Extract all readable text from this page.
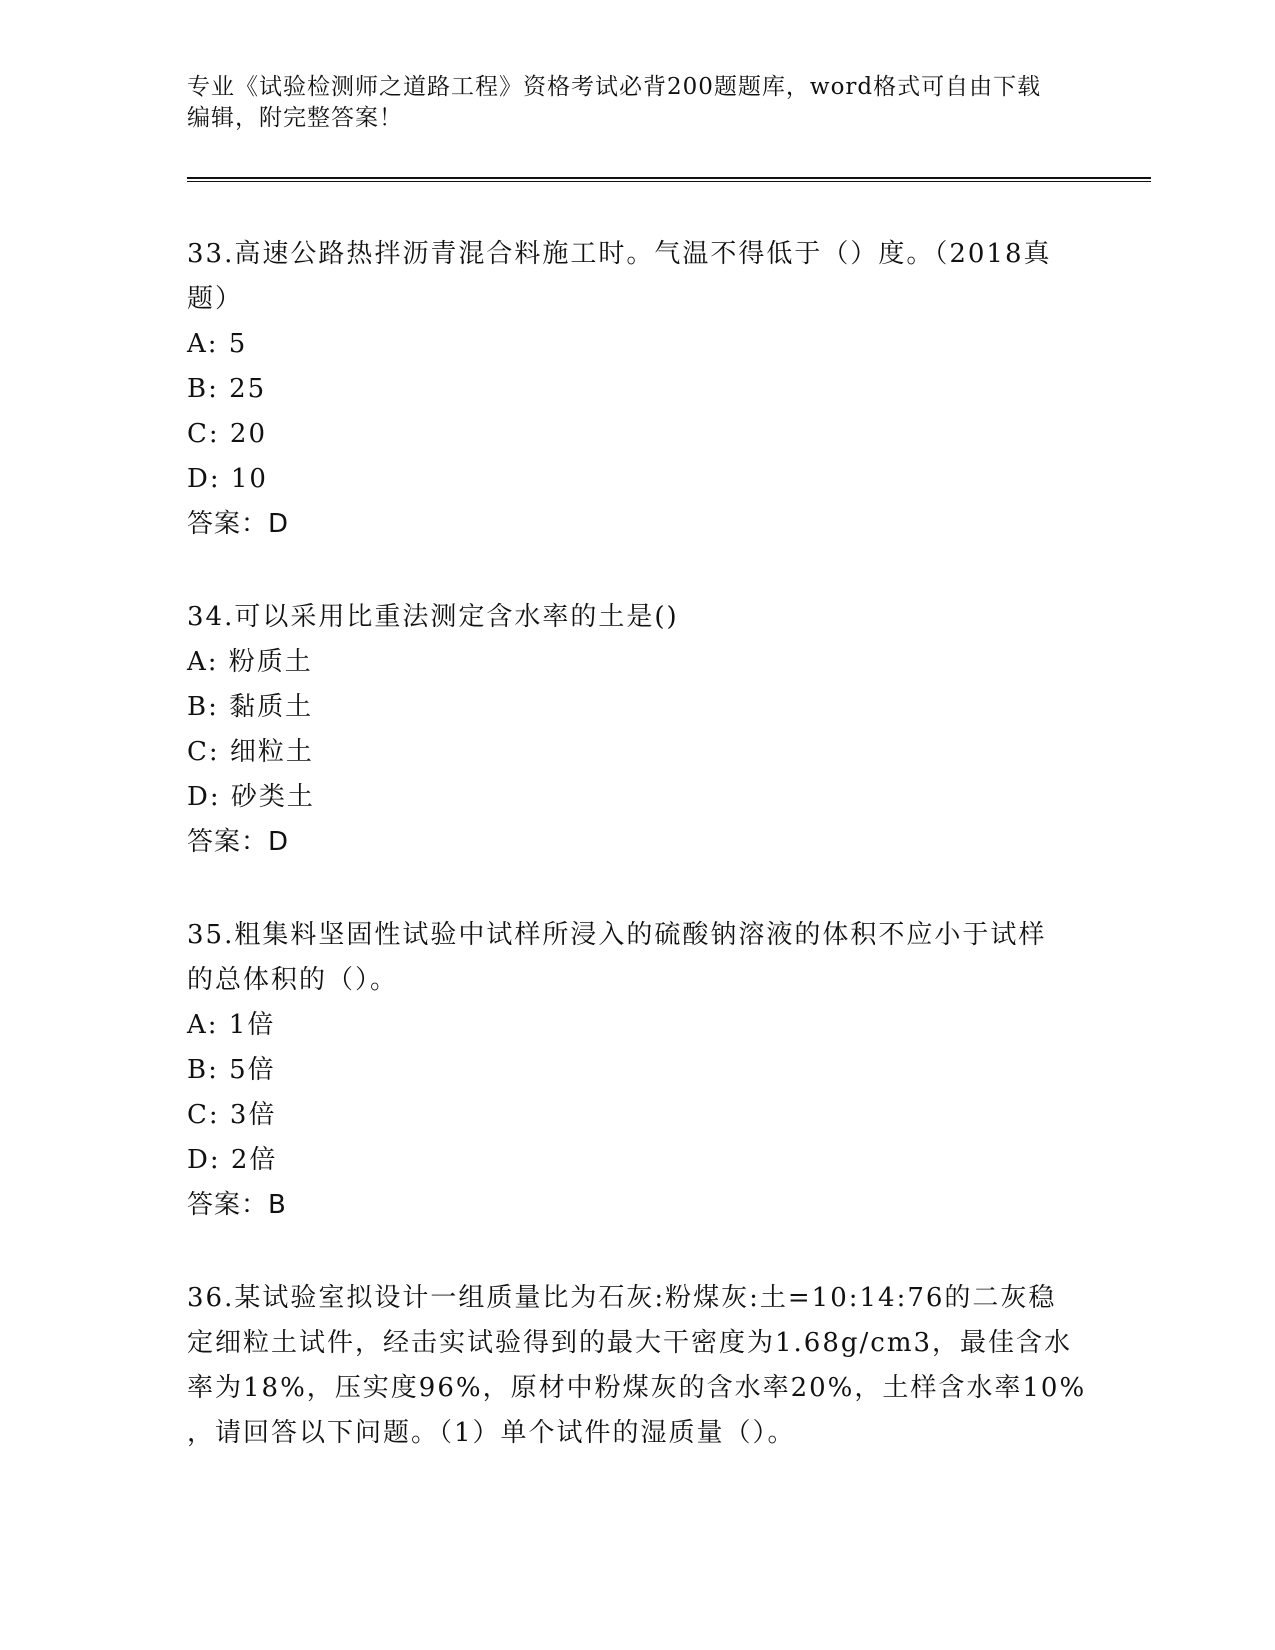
专业《试验检测师之道路工程》资格考试必背200题题库，word格式可自由下载
编辑，附完整答案！
33.高速公路热拌沥青混合料施工时。气温不得低于（）度。（2018真
题）
A: 5
B: 25
C: 20
D: 10
答案：D
34.可以采用比重法测定含水率的土是()
A: 粉质土
B: 黏质土
C: 细粒土
D: 砂类土
答案：D
35.粗集料坚固性试验中试样所浸入的硫酸钠溶液的体积不应小于试样
的总体积的（）。
A: 1倍
B: 5倍
C: 3倍
D: 2倍
答案：B
36.某试验室拟设计一组质量比为石灰:粉煤灰:土=10:14:76的二灰稳
定细粒土试件，经击实试验得到的最大干密度为1.68g/cm3，最佳含水
率为18%，压实度96%，原材中粉煤灰的含水率20%，土样含水率10%
，请回答以下问题。（1）单个试件的湿质量（）。
